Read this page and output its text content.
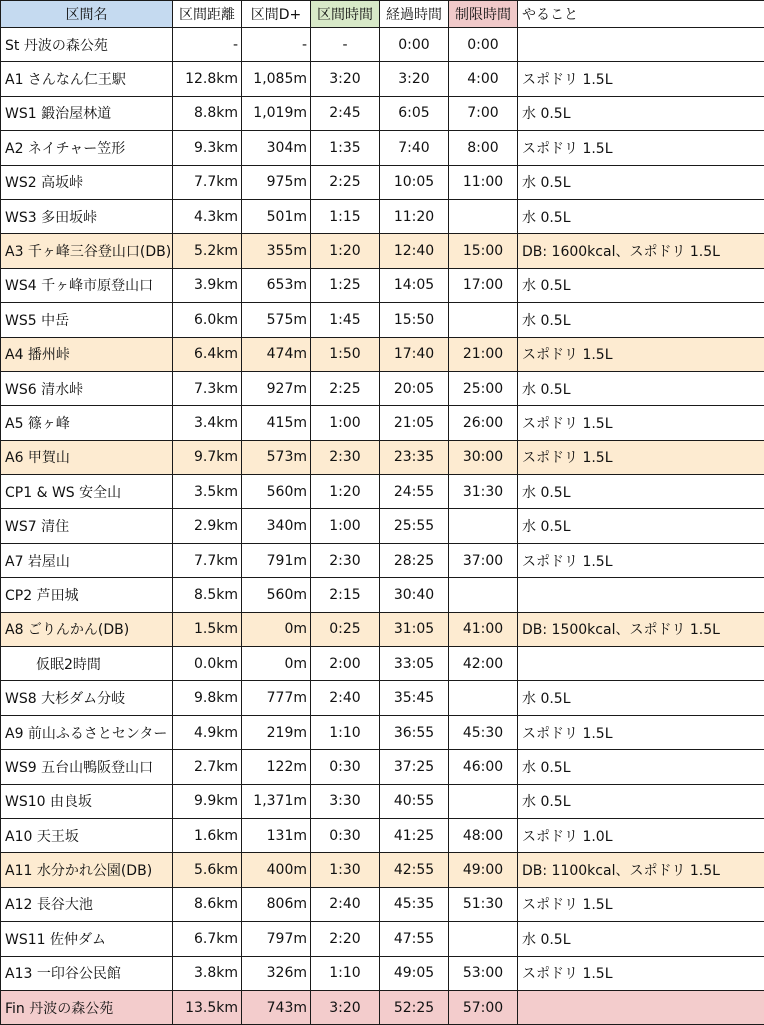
区間名	区間距離	区間D+	区間時間	経過時間	制限時間	やること
St 丹波の森公苑	-	-	-	0:00	0:00	
A1 さんなん仁王駅	12.8km	1,085m	3:20	3:20	4:00	スポドリ 1.5L
WS1 鍛治屋林道	8.8km	1,019m	2:45	6:05	7:00	水 0.5L
A2 ネイチャー笠形	9.3km	304m	1:35	7:40	8:00	スポドリ 1.5L
WS2 高坂峠	7.7km	975m	2:25	10:05	11:00	水 0.5L
WS3 多田坂峠	4.3km	501m	1:15	11:20		水 0.5L
A3 千ヶ峰三谷登山口(DB)	5.2km	355m	1:20	12:40	15:00	DB: 1600kcal、スポドリ 1.5L
WS4 千ヶ峰市原登山口	3.9km	653m	1:25	14:05	17:00	水 0.5L
WS5 中岳	6.0km	575m	1:45	15:50		水 0.5L
A4 播州峠	6.4km	474m	1:50	17:40	21:00	スポドリ 1.5L
WS6 清水峠	7.3km	927m	2:25	20:05	25:00	水 0.5L
A5 篠ヶ峰	3.4km	415m	1:00	21:05	26:00	スポドリ 1.5L
A6 甲賀山	9.7km	573m	2:30	23:35	30:00	スポドリ 1.5L
CP1 & WS 安全山	3.5km	560m	1:20	24:55	31:30	水 0.5L
WS7 清住	2.9km	340m	1:00	25:55		水 0.5L
A7 岩屋山	7.7km	791m	2:30	28:25	37:00	スポドリ 1.5L
CP2 芦田城	8.5km	560m	2:15	30:40		
A8 ごりんかん(DB)	1.5km	0m	0:25	31:05	41:00	DB: 1500kcal、スポドリ 1.5L
仮眠2時間	0.0km	0m	2:00	33:05	42:00	
WS8 大杉ダム分岐	9.8km	777m	2:40	35:45		水 0.5L
A9 前山ふるさとセンター	4.9km	219m	1:10	36:55	45:30	スポドリ 1.5L
WS9 五台山鴨阪登山口	2.7km	122m	0:30	37:25	46:00	水 0.5L
WS10 由良坂	9.9km	1,371m	3:30	40:55		水 0.5L
A10 天王坂	1.6km	131m	0:30	41:25	48:00	スポドリ 1.0L
A11 水分かれ公園(DB)	5.6km	400m	1:30	42:55	49:00	DB: 1100kcal、スポドリ 1.5L
A12 長谷大池	8.6km	806m	2:40	45:35	51:30	スポドリ 1.5L
WS11 佐仲ダム	6.7km	797m	2:20	47:55		水 0.5L
A13 一印谷公民館	3.8km	326m	1:10	49:05	53:00	スポドリ 1.5L
Fin 丹波の森公苑	13.5km	743m	3:20	52:25	57:00	
